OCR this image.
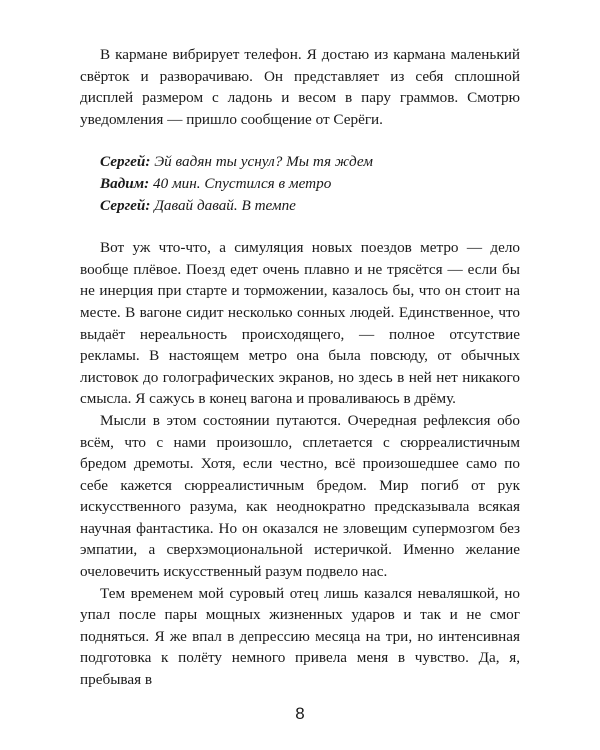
В кармане вибрирует телефон. Я достаю из кармана маленький свёрток и разворачиваю. Он представляет из себя сплошной дисплей размером с ладонь и весом в пару граммов. Смотрю уведомления — пришло сообщение от Серёги.

Сергей: Эй вадян ты уснул? Мы тя ждем
Вадим: 40 мин. Спустился в метро
Сергей: Давай давай. В темпе

Вот уж что-что, а симуляция новых поездов метро — дело вообще плёвое. Поезд едет очень плавно и не трясётся — если бы не инерция при старте и торможении, казалось бы, что он стоит на месте. В вагоне сидит несколько сонных людей. Единственное, что выдаёт нереальность происходящего, — полное отсутствие рекламы. В настоящем метро она была повсюду, от обычных листовок до голографических экранов, но здесь в ней нет никакого смысла. Я сажусь в конец вагона и проваливаюсь в дрёму.

Мысли в этом состоянии путаются. Очередная рефлексия обо всём, что с нами произошло, сплетается с сюрреалистичным бредом дремоты. Хотя, если честно, всё произошедшее само по себе кажется сюрреалистичным бредом. Мир погиб от рук искусственного разума, как неоднократно предсказывала всякая научная фантастика. Но он оказался не зловещим супермозгом без эмпатии, а сверхэмоциональной истеричкой. Именно желание очеловечить искусственный разум подвело нас.

Тем временем мой суровый отец лишь казался неваляшкой, но упал после пары мощных жизненных ударов и так и не смог подняться. Я же впал в депрессию месяца на три, но интенсивная подготовка к полёту немного привела меня в чувство. Да, я, пребывая в

8
